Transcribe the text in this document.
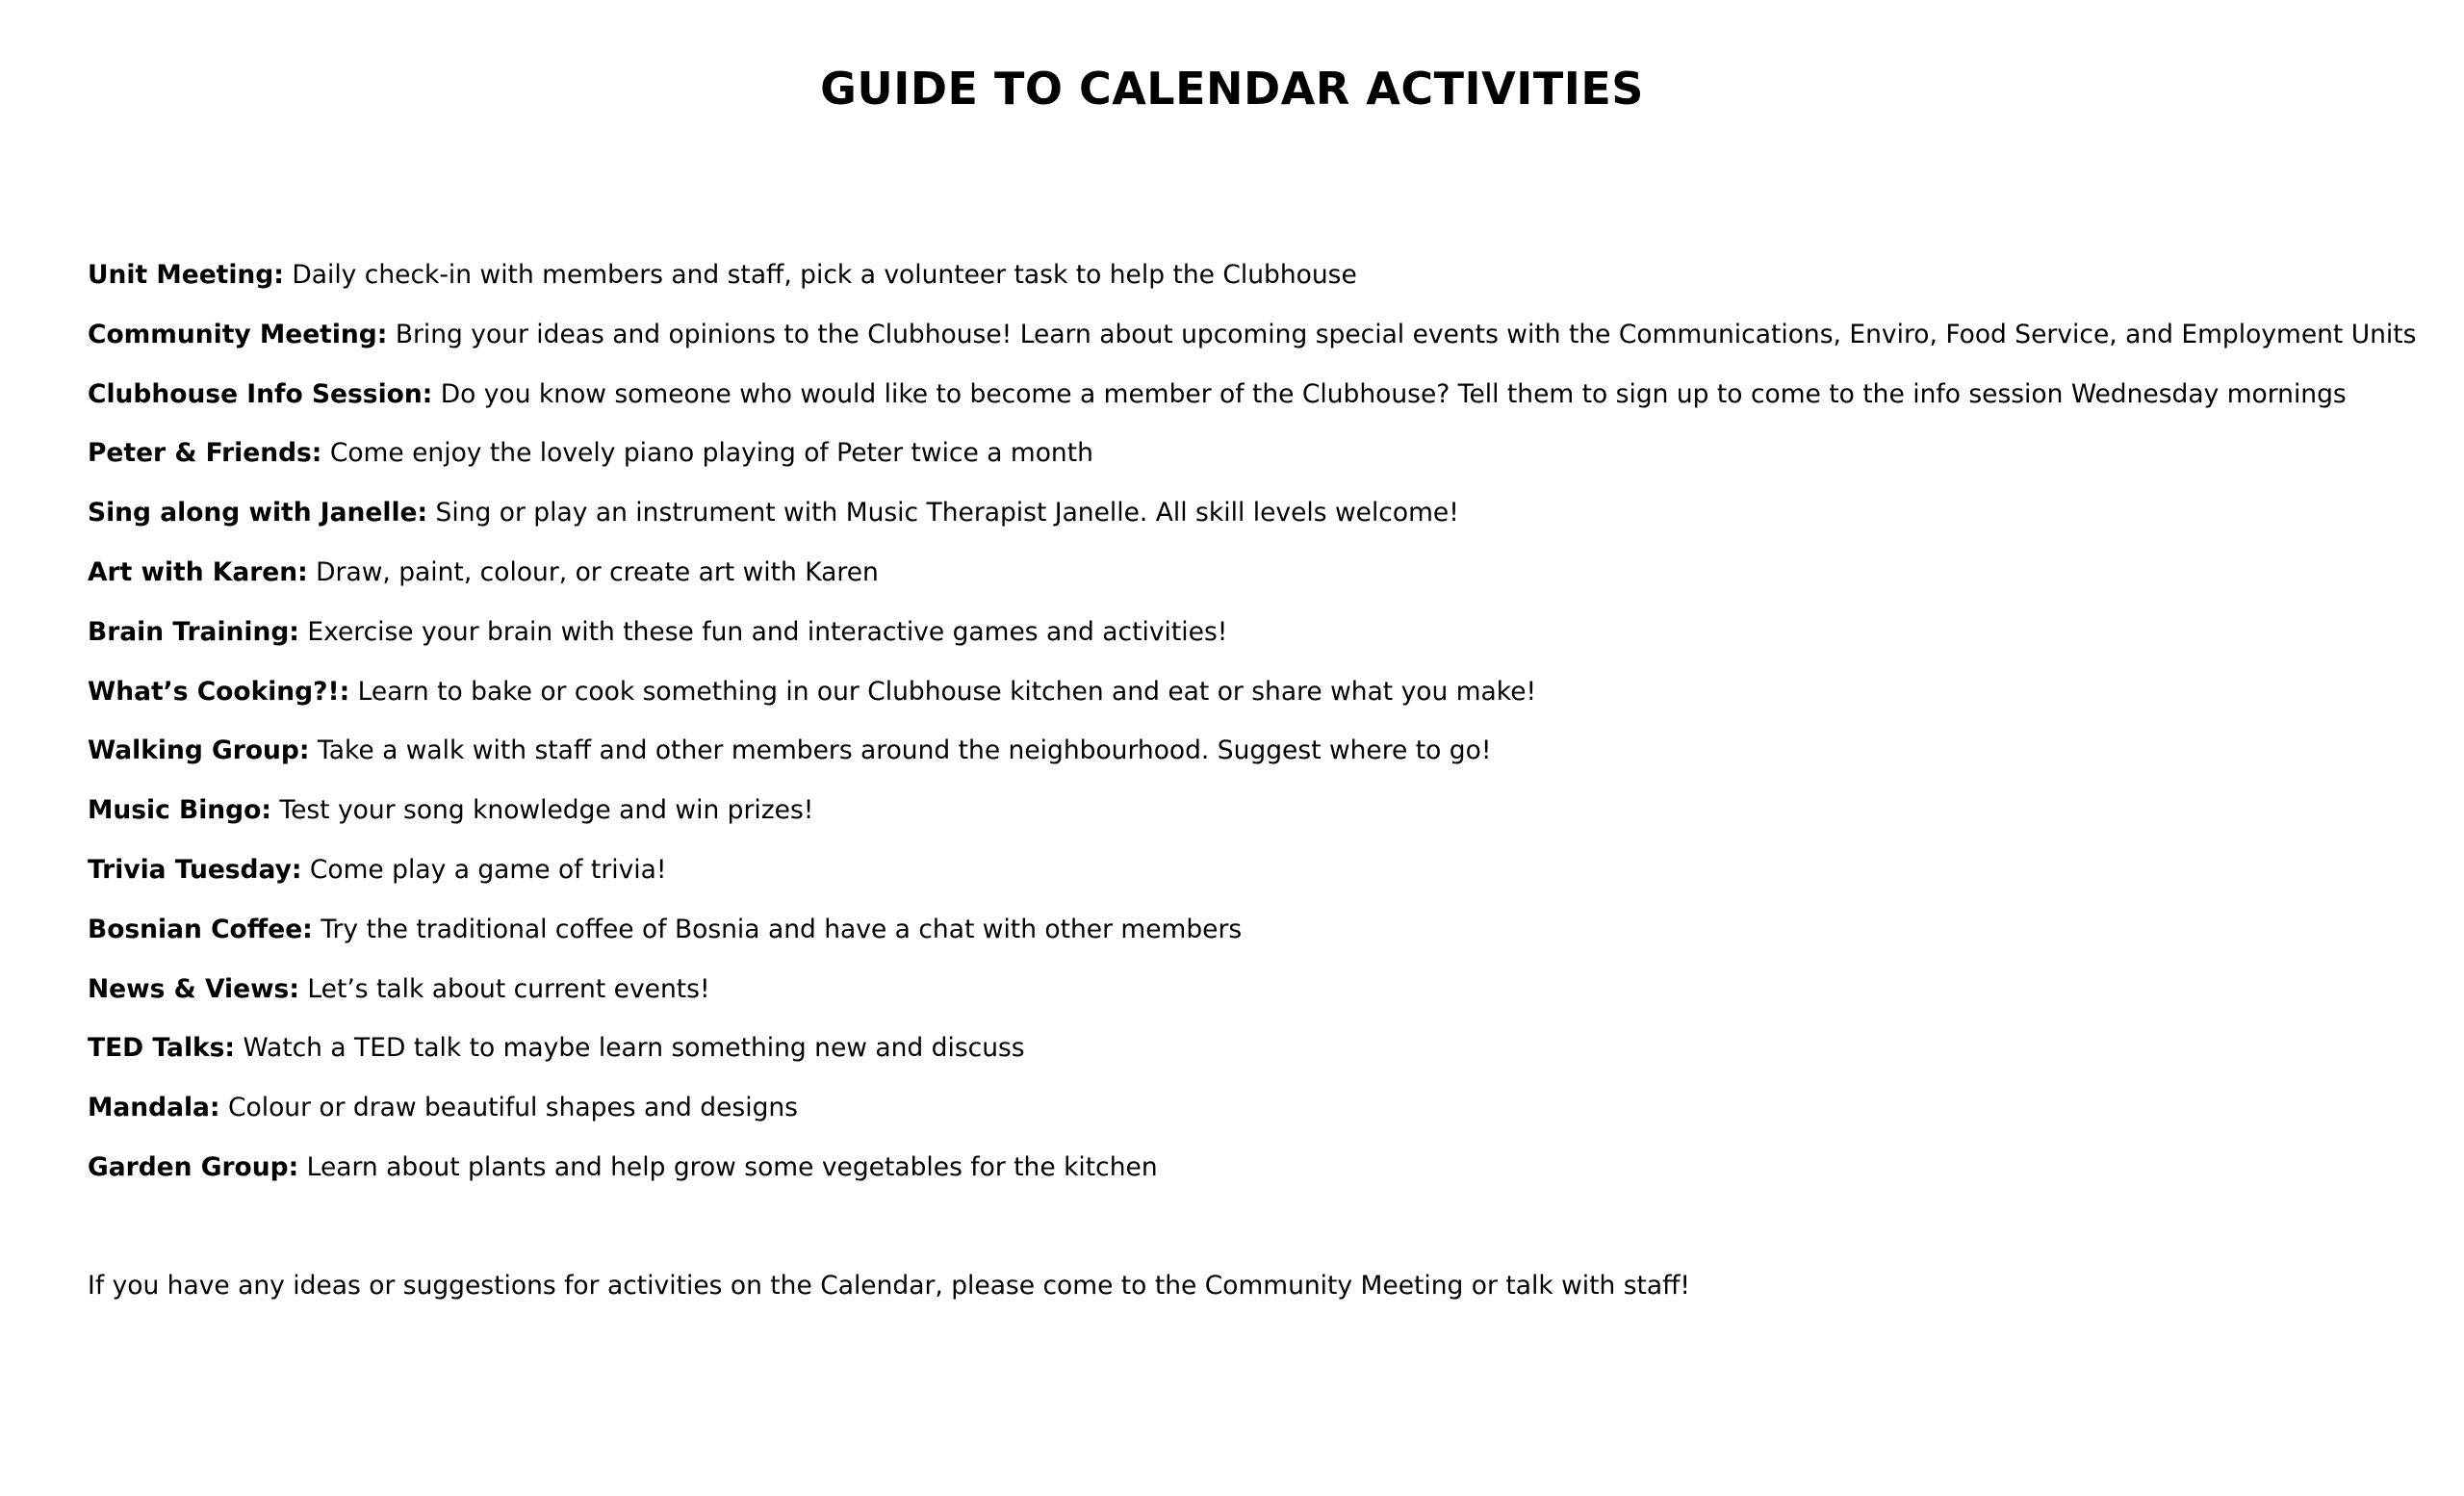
GUIDE TO CALENDAR ACTIVITIES
Unit Meeting: Daily check-in with members and staff, pick a volunteer task to help the Clubhouse
Community Meeting: Bring your ideas and opinions to the Clubhouse! Learn about upcoming special events with the Communications, Enviro, Food Service, and Employment Units
Clubhouse Info Session: Do you know someone who would like to become a member of the Clubhouse? Tell them to sign up to come to the info session Wednesday mornings
Peter & Friends: Come enjoy the lovely piano playing of Peter twice a month
Sing along with Janelle: Sing or play an instrument with Music Therapist Janelle. All skill levels welcome!
Art with Karen: Draw, paint, colour, or create art with Karen
Brain Training: Exercise your brain with these fun and interactive games and activities!
What’s Cooking?!: Learn to bake or cook something in our Clubhouse kitchen and eat or share what you make!
Walking Group: Take a walk with staff and other members around the neighbourhood. Suggest where to go!
Music Bingo: Test your song knowledge and win prizes!
Trivia Tuesday: Come play a game of trivia!
Bosnian Coffee: Try the traditional coffee of Bosnia and have a chat with other members
News & Views: Let’s talk about current events!
TED Talks: Watch a TED talk to maybe learn something new and discuss
Mandala: Colour or draw beautiful shapes and designs
Garden Group: Learn about plants and help grow some vegetables for the kitchen

If you have any ideas or suggestions for activities on the Calendar, please come to the Community Meeting or talk with staff!
